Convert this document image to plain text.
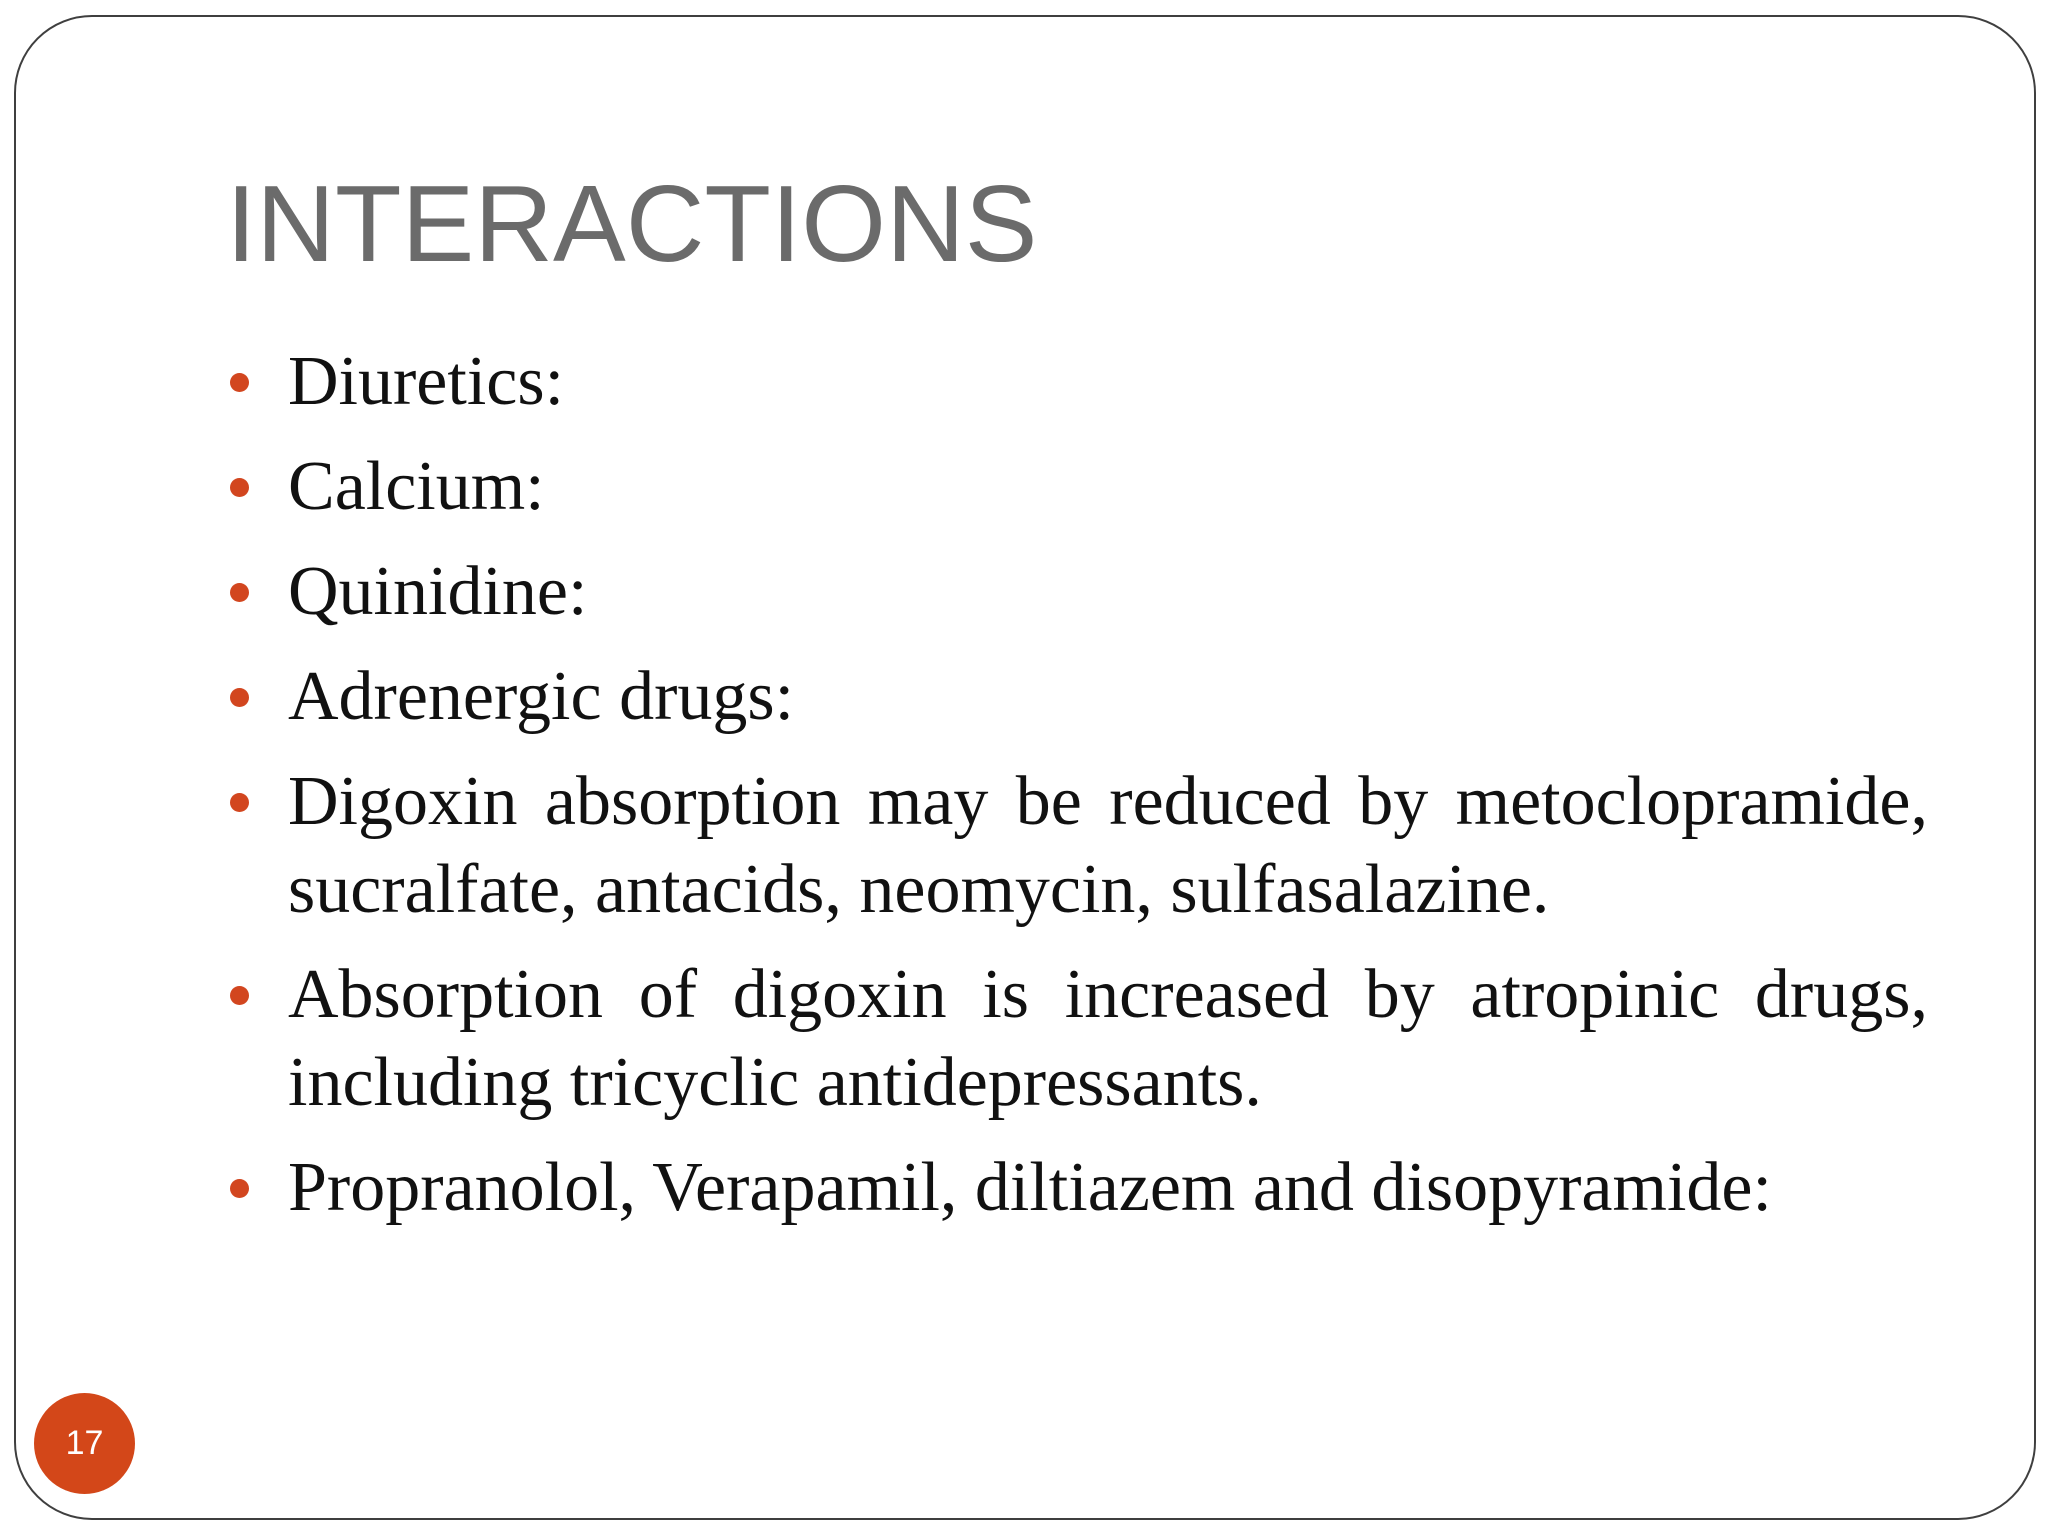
INTERACTIONS
Diuretics:
Calcium:
Quinidine:
Adrenergic drugs:
Digoxin absorption may be reduced by metoclopramide, sucralfate, antacids, neomycin, sulfasalazine.
Absorption of digoxin is increased by atropinic drugs, including tricyclic antidepressants.
Propranolol, Verapamil, diltiazem and disopyramide:
17
